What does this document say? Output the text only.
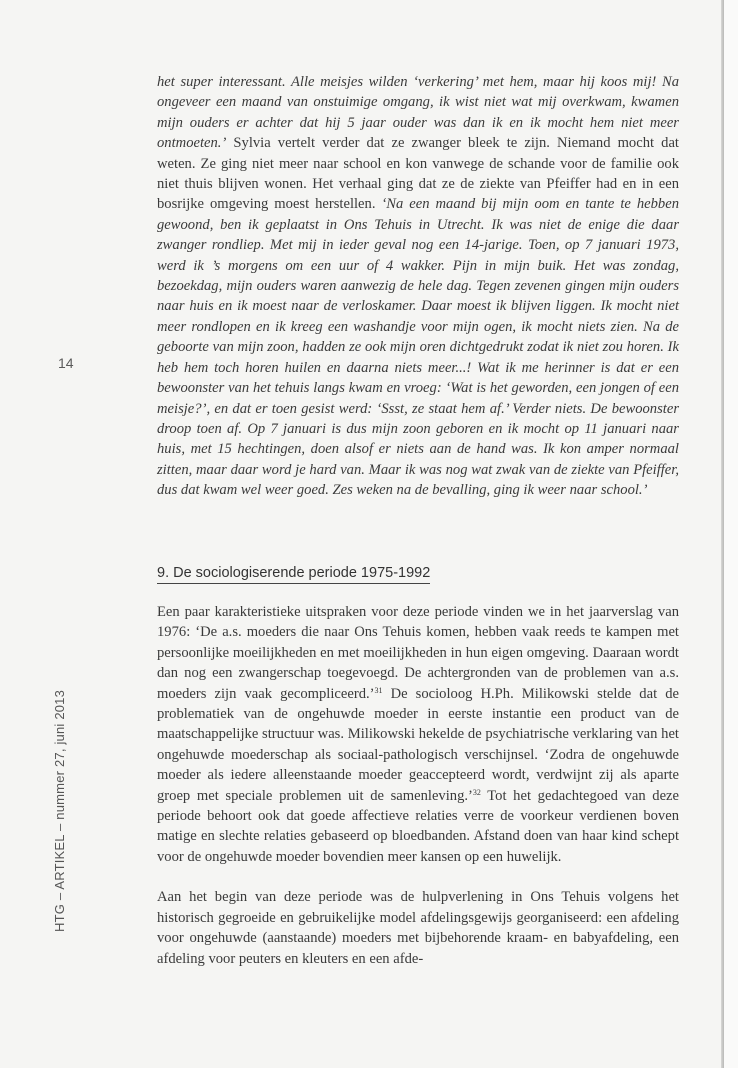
14
HTG – ARTIKEL – nummer 27, juni 2013

het super interessant. Alle meisjes wilden ‘verkering’ met hem, maar hij koos mij! Na ongeveer een maand van onstuimige omgang, ik wist niet wat mij overkwam, kwamen mijn ouders er achter dat hij 5 jaar ouder was dan ik en ik mocht hem niet meer ontmoeten.’ Sylvia vertelt verder dat ze zwanger bleek te zijn. Niemand mocht dat weten. Ze ging niet meer naar school en kon vanwege de schande voor de familie ook niet thuis blijven wonen. Het verhaal ging dat ze de ziekte van Pfeiffer had en in een bosrijke omgeving moest herstellen. ‘Na een maand bij mijn oom en tante te hebben gewoond, ben ik geplaatst in Ons Tehuis in Utrecht. Ik was niet de enige die daar zwanger rondliep. Met mij in ieder geval nog een 14-jarige. Toen, op 7 januari 1973, werd ik ’s morgens om een uur of 4 wakker. Pijn in mijn buik. Het was zondag, bezoekdag, mijn ouders waren aanwezig de hele dag. Tegen zevenen gingen mijn ouders naar huis en ik moest naar de verloskamer. Daar moest ik blijven liggen. Ik mocht niet meer rondlopen en ik kreeg een washandje voor mijn ogen, ik mocht niets zien. Na de geboorte van mijn zoon, hadden ze ook mijn oren dichtgedrukt zodat ik niet zou horen. Ik heb hem toch horen huilen en daarna niets meer...! Wat ik me herinner is dat er een bewoonster van het tehuis langs kwam en vroeg: ‘Wat is het geworden, een jongen of een meisje?’, en dat er toen gesist werd: ‘Ssst, ze staat hem af.’ Verder niets. De bewoonster droop toen af. Op 7 januari is dus mijn zoon geboren en ik mocht op 11 januari naar huis, met 15 hechtingen, doen alsof er niets aan de hand was. Ik kon amper normaal zitten, maar daar word je hard van. Maar ik was nog wat zwak van de ziekte van Pfeiffer, dus dat kwam wel weer goed. Zes weken na de bevalling, ging ik weer naar school.’

9. De sociologiserende periode 1975-1992

Een paar karakteristieke uitspraken voor deze periode vinden we in het jaarverslag van 1976: ‘De a.s. moeders die naar Ons Tehuis komen, hebben vaak reeds te kampen met persoonlijke moeilijkheden en met moeilijkheden in hun eigen omgeving. Daaraan wordt dan nog een zwangerschap toegevoegd. De achtergronden van de problemen van a.s. moeders zijn vaak gecompliceerd.’$^{31}$ De socioloog H.Ph. Milikowski stelde dat de problematiek van de ongehuwde moeder in eerste instantie een product van de maatschappelijke structuur was. Milikowski hekelde de psychiatrische verklaring van het ongehuwde moederschap als sociaal-pathologisch verschijnsel. ‘Zodra de ongehuwde moeder als iedere alleenstaande moeder geaccepteerd wordt, verdwijnt zij als aparte groep met speciale problemen uit de samenleving.’$^{32}$ Tot het gedachtegoed van deze periode behoort ook dat goede affectieve relaties verre de voorkeur verdienen boven matige en slechte relaties gebaseerd op bloedbanden. Afstand doen van haar kind schept voor de ongehuwde moeder bovendien meer kansen op een huwelijk.

Aan het begin van deze periode was de hulpverlening in Ons Tehuis volgens het historisch gegroeide en gebruikelijke model afdelingsgewijs georganiseerd: een afdeling voor ongehuwde (aanstaande) moeders met bijbehorende kraam- en babyafdeling, een afdeling voor peuters en kleuters en een afde-
